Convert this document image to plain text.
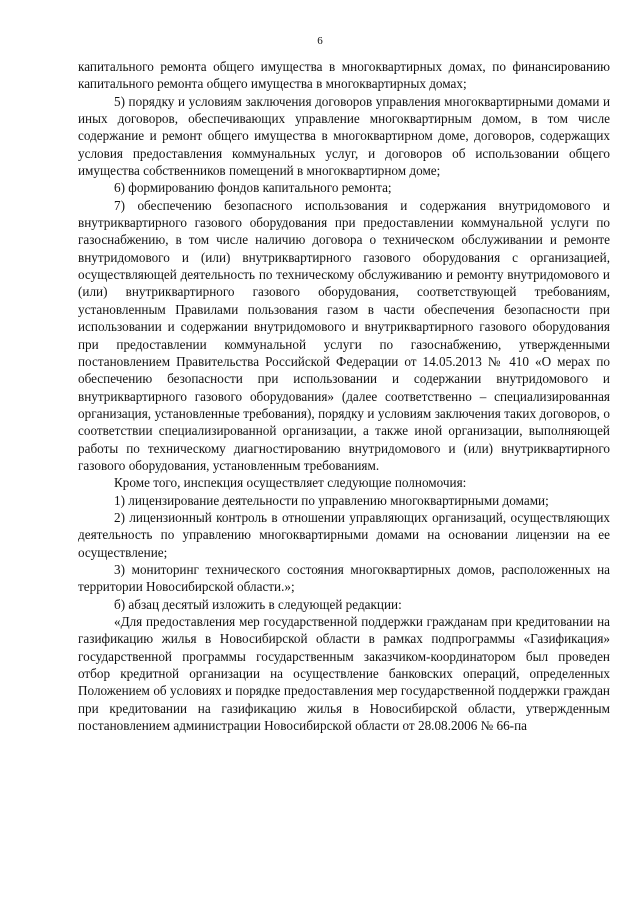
6

капитального ремонта общего имущества в многоквартирных домах, по финансированию капитального ремонта общего имущества в многоквартирных домах;

5) порядку и условиям заключения договоров управления многоквартирными домами и иных договоров, обеспечивающих управление многоквартирным домом, в том числе содержание и ремонт общего имущества в многоквартирном доме, договоров, содержащих условия предоставления коммунальных услуг, и договоров об использовании общего имущества собственников помещений в многоквартирном доме;

6) формированию фондов капитального ремонта;

7) обеспечению безопасного использования и содержания внутридомового и внутриквартирного газового оборудования при предоставлении коммунальной услуги по газоснабжению, в том числе наличию договора о техническом обслуживании и ремонте внутридомового и (или) внутриквартирного газового оборудования с организацией, осуществляющей деятельность по техническому обслуживанию и ремонту внутридомового и (или) внутриквартирного газового оборудования, соответствующей требованиям, установленным Правилами пользования газом в части обеспечения безопасности при использовании и содержании внутридомового и внутриквартирного газового оборудования при предоставлении коммунальной услуги по газоснабжению, утвержденными постановлением Правительства Российской Федерации от 14.05.2013 № 410 «О мерах по обеспечению безопасности при использовании и содержании внутридомового и внутриквартирного газового оборудования» (далее соответственно – специализированная организация, установленные требования), порядку и условиям заключения таких договоров, о соответствии специализированной организации, а также иной организации, выполняющей работы по техническому диагностированию внутридомового и (или) внутриквартирного газового оборудования, установленным требованиям.

Кроме того, инспекция осуществляет следующие полномочия:

1) лицензирование деятельности по управлению многоквартирными домами;

2) лицензионный контроль в отношении управляющих организаций, осуществляющих деятельность по управлению многоквартирными домами на основании лицензии на ее осуществление;

3) мониторинг технического состояния многоквартирных домов, расположенных на территории Новосибирской области.»;

б) абзац десятый изложить в следующей редакции:

«Для предоставления мер государственной поддержки гражданам при кредитовании на газификацию жилья в Новосибирской области в рамках подпрограммы «Газификация» государственной программы государственным заказчиком-координатором был проведен отбор кредитной организации на осуществление банковских операций, определенных Положением об условиях и порядке предоставления мер государственной поддержки граждан при кредитовании на газификацию жилья в Новосибирской области, утвержденным постановлением администрации Новосибирской области от 28.08.2006 № 66-па
